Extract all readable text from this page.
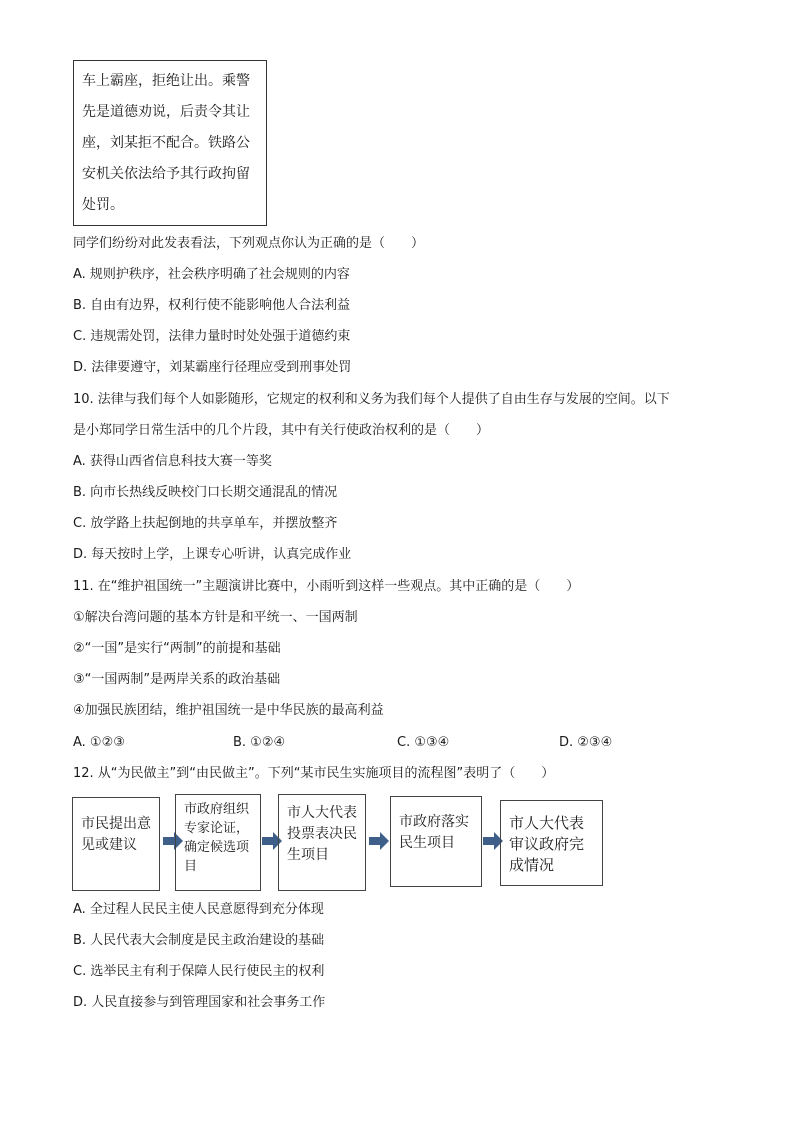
车上霸座，拒绝让出。乘警

先是道德劝说，后责令其让

座，刘某拒不配合。铁路公

安机关依法给予其行政拘留

处罚。

同学们纷纷对此发表看法，下列观点你认为正确的是（　　）
A. 规则护秩序，社会秩序明确了社会规则的内容
B. 自由有边界，权利行使不能影响他人合法利益
C. 违规需处罚，法律力量时时处处强于道德约束
D. 法律要遵守，刘某霸座行径理应受到刑事处罚
10. 法律与我们每个人如影随形，它规定的权利和义务为我们每个人提供了自由生存与发展的空间。以下
是小郑同学日常生活中的几个片段，其中有关行使政治权利的是（　　）
A. 获得山西省信息科技大赛一等奖
B. 向市长热线反映校门口长期交通混乱的情况
C. 放学路上扶起倒地的共享单车，并摆放整齐
D. 每天按时上学，上课专心听讲，认真完成作业
11. 在“维护祖国统一”主题演讲比赛中，小雨听到这样一些观点。其中正确的是（　　）
①解决台湾问题的基本方针是和平统一、一国两制
②“一国”是实行“两制”的前提和基础
③“一国两制”是两岸关系的政治基础
④加强民族团结，维护祖国统一是中华民族的最高利益
A. ①②③	B. ①②④	C. ①③④	D. ②③④
12. 从“为民做主”到“由民做主”。下列“某市民生实施项目的流程图”表明了（　　）
市民提出意见或建议
市政府组织专家论证，确定候选项目
市人大代表投票表决民生项目
市政府落实民生项目
市人大代表审议政府完成情况
A. 全过程人民民主使人民意愿得到充分体现
B. 人民代表大会制度是民主政治建设的基础
C. 选举民主有利于保障人民行使民主的权利
D. 人民直接参与到管理国家和社会事务工作
